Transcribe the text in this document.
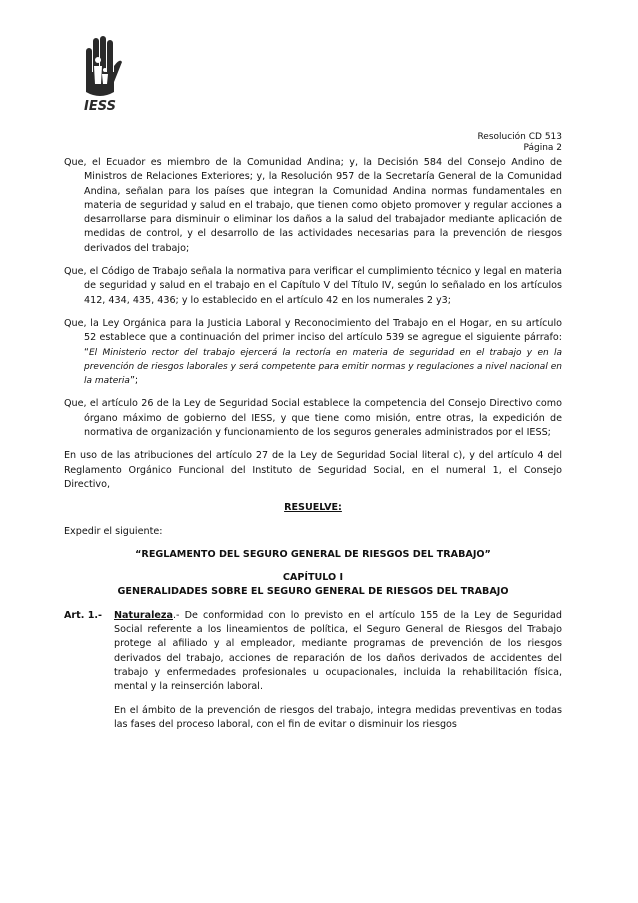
IESS
Resolución CD 513
Página 2

Que, el Ecuador es miembro de la Comunidad Andina; y, la Decisión 584 del Consejo Andino de Ministros de Relaciones Exteriores; y, la Resolución 957 de la Secretaría General de la Comunidad Andina, señalan para los países que integran la Comunidad Andina normas fundamentales en materia de seguridad y salud en el trabajo, que tienen como objeto promover y regular acciones a desarrollarse para disminuir o eliminar los daños a la salud del trabajador mediante aplicación de medidas de control, y el desarrollo de las actividades necesarias para la prevención de riesgos derivados del trabajo;

Que, el Código de Trabajo señala la normativa para verificar el cumplimiento técnico y legal en materia de seguridad y salud en el trabajo en el Capítulo V del Título IV, según lo señalado en los artículos 412, 434, 435, 436; y lo establecido en el artículo 42 en los numerales 2 y3;

Que, la Ley Orgánica para la Justicia Laboral y Reconocimiento del Trabajo en el Hogar, en su artículo 52 establece que a continuación del primer inciso del artículo 539 se agregue el siguiente párrafo: “El Ministerio rector del trabajo ejercerá la rectoría en materia de seguridad en el trabajo y en la prevención de riesgos laborales y será competente para emitir normas y regulaciones a nivel nacional en la materia”;

Que, el artículo 26 de la Ley de Seguridad Social establece la competencia del Consejo Directivo como órgano máximo de gobierno del IESS, y que tiene como misión, entre otras, la expedición de normativa de organización y funcionamiento de los seguros generales administrados por el IESS;

En uso de las atribuciones del artículo 27 de la Ley de Seguridad Social literal c), y del artículo 4 del Reglamento Orgánico Funcional del Instituto de Seguridad Social, en el numeral 1, el Consejo Directivo,

RESUELVE:

Expedir el siguiente:

“REGLAMENTO DEL SEGURO GENERAL DE RIESGOS DEL TRABAJO”

CAPÍTULO I

GENERALIDADES SOBRE EL SEGURO GENERAL DE RIESGOS DEL TRABAJO

Art. 1.- Naturaleza.- De conformidad con lo previsto en el artículo 155 de la Ley de Seguridad Social referente a los lineamientos de política, el Seguro General de Riesgos del Trabajo protege al afiliado y al empleador, mediante programas de prevención de los riesgos derivados del trabajo, acciones de reparación de los daños derivados de accidentes del trabajo y enfermedades profesionales u ocupacionales, incluida la rehabilitación física, mental y la reinserción laboral.

En el ámbito de la prevención de riesgos del trabajo, integra medidas preventivas en todas las fases del proceso laboral, con el fin de evitar o disminuir los riesgos
